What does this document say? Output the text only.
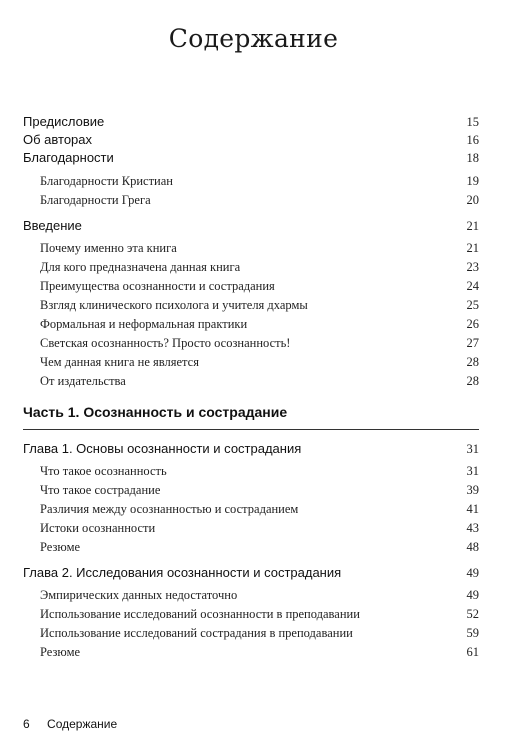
Содержание
Предисловие	15
Об авторах	16
Благодарности	18
Благодарности Кристиан	19
Благодарности Грега	20
Введение	21
Почему именно эта книга	21
Для кого предназначена данная книга	23
Преимущества осознанности и сострадания	24
Взгляд клинического психолога и учителя дхармы	25
Формальная и неформальная практики	26
Светская осознанность? Просто осознанность!	27
Чем данная книга не является	28
От издательства	28
Часть 1. Осознанность и сострадание
Глава 1. Основы осознанности и сострадания	31
Что такое осознанность	31
Что такое сострадание	39
Различия между осознанностью и состраданием	41
Истоки осознанности	43
Резюме	48
Глава 2. Исследования осознанности и сострадания	49
Эмпирических данных недостаточно	49
Использование исследований осознанности в преподавании	52
Использование исследований сострадания в преподавании	59
Резюме	61
6 Содержание
